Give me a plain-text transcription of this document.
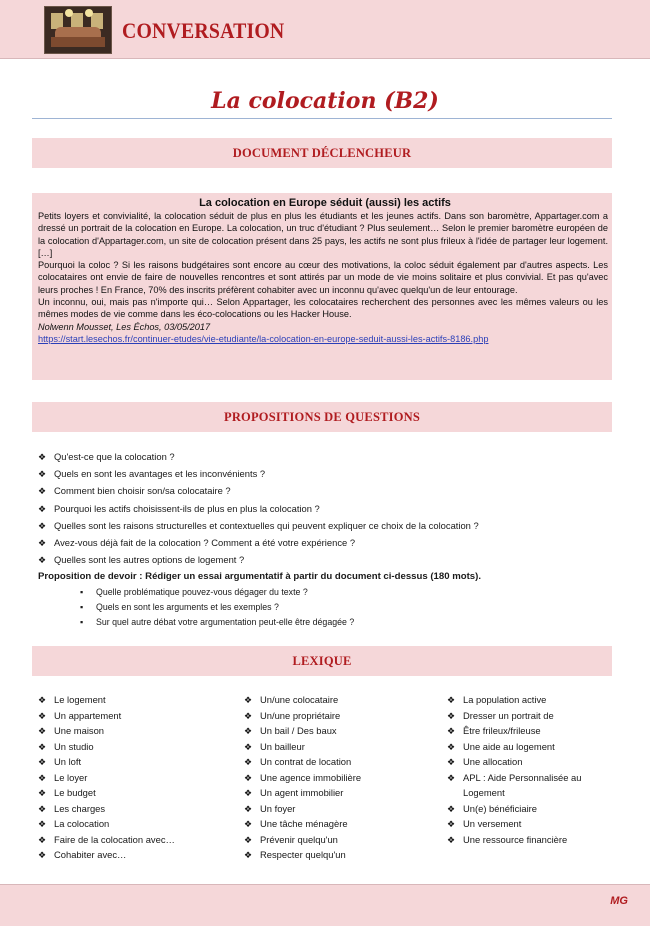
CONVERSATION
La colocation (B2)
DOCUMENT DÉCLENCHEUR
La colocation en Europe séduit (aussi) les actifs

Petits loyers et convivialité, la colocation séduit de plus en plus les étudiants et les jeunes actifs. Dans son baromètre, Appartager.com a dressé un portrait de la colocation en Europe. La colocation, un truc d'étudiant ? Plus seulement… Selon le premier baromètre européen de la colocation d'Appartager.com, un site de colocation présent dans 25 pays, les actifs ne sont plus frileux à l'idée de partager leur logement. […]

Pourquoi la coloc ? Si les raisons budgétaires sont encore au cœur des motivations, la coloc séduit également par d'autres aspects. Les colocataires ont envie de faire de nouvelles rencontres et sont attirés par un mode de vie moins solitaire et plus convivial. Et pas qu'avec leurs proches ! En France, 70% des inscrits préfèrent cohabiter avec un inconnu qu'avec quelqu'un de leur entourage.

Un inconnu, oui, mais pas n'importe qui… Selon Appartager, les colocataires recherchent des personnes avec les mêmes valeurs ou les mêmes modes de vie comme dans les éco-colocations ou les Hacker House.

Nolwenn Mousset, Les Échos, 03/05/2017

https://start.lesechos.fr/continuer-etudes/vie-etudiante/la-colocation-en-europe-seduit-aussi-les-actifs-8186.php

PROPOSITIONS DE QUESTIONS
❖ Qu'est-ce que la colocation ?
❖ Quels en sont les avantages et les inconvénients ?
❖ Comment bien choisir son/sa colocataire ?
❖ Pourquoi les actifs choisissent-ils de plus en plus la colocation ?
❖ Quelles sont les raisons structurelles et contextuelles qui peuvent expliquer ce choix de la colocation ?
❖ Avez-vous déjà fait de la colocation ? Comment a été votre expérience ?
❖ Quelles sont les autres options de logement ?
Proposition de devoir : Rédiger un essai argumentatif à partir du document ci-dessus (180 mots).
▪ Quelle problématique pouvez-vous dégager du texte ?
▪ Quels en sont les arguments et les exemples ?
▪ Sur quel autre débat votre argumentation peut-elle être dégagée ?
LEXIQUE
❖ Le logement
❖ Un appartement
❖ Une maison
❖ Un studio
❖ Un loft
❖ Le loyer
❖ Le budget
❖ Les charges
❖ La colocation
❖ Faire de la colocation avec…
❖ Cohabiter avec…
❖ Un/une colocataire
❖ Un/une propriétaire
❖ Un bail / Des baux
❖ Un bailleur
❖ Un contrat de location
❖ Une agence immobilière
❖ Un agent immobilier
❖ Un foyer
❖ Une tâche ménagère
❖ Prévenir quelqu'un
❖ Respecter quelqu'un
❖ La population active
❖ Dresser un portrait de
❖ Être frileux/frileuse
❖ Une aide au logement
❖ Une allocation
❖ APL : Aide Personnalisée au
Logement
❖ Un(e) bénéficiaire
❖ Un versement
❖ Une ressource financière
MG
